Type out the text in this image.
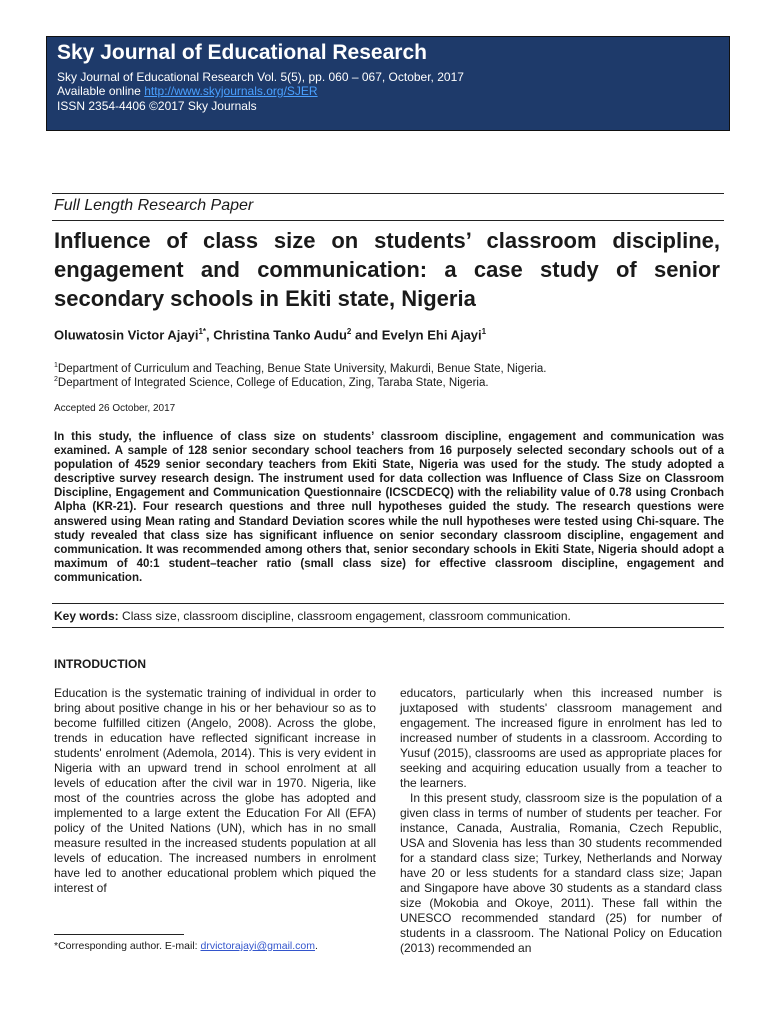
Sky Journal of Educational Research
Sky Journal of Educational Research Vol. 5(5), pp. 060 – 067, October, 2017
Available online http://www.skyjournals.org/SJER
ISSN 2354-4406 ©2017 Sky Journals
Full Length Research Paper
Influence of class size on students’ classroom discipline, engagement and communication: a case study of senior secondary schools in Ekiti state, Nigeria
Oluwatosin Victor Ajayi$^{1*}$, Christina Tanko Audu$^2$ and Evelyn Ehi Ajayi$^1$
$^1$Department of Curriculum and Teaching, Benue State University, Makurdi, Benue State, Nigeria.
$^2$Department of Integrated Science, College of Education, Zing, Taraba State, Nigeria.
Accepted 26 October, 2017
In this study, the influence of class size on students’ classroom discipline, engagement and communication was examined. A sample of 128 senior secondary school teachers from 16 purposely selected secondary schools out of a population of 4529 senior secondary teachers from Ekiti State, Nigeria was used for the study. The study adopted a descriptive survey research design. The instrument used for data collection was Influence of Class Size on Classroom Discipline, Engagement and Communication Questionnaire (ICSCDECQ) with the reliability value of 0.78 using Cronbach Alpha (KR-21). Four research questions and three null hypotheses guided the study. The research questions were answered using Mean rating and Standard Deviation scores while the null hypotheses were tested using Chi-square. The study revealed that class size has significant influence on senior secondary classroom discipline, engagement and communication. It was recommended among others that, senior secondary schools in Ekiti State, Nigeria should adopt a maximum of 40:1 student–teacher ratio (small class size) for effective classroom discipline, engagement and communication.
Key words: Class size, classroom discipline, classroom engagement, classroom communication.
INTRODUCTION

Education is the systematic training of individual in order to bring about positive change in his or her behaviour so as to become fulfilled citizen (Angelo, 2008). Across the globe, trends in education have reflected significant increase in students' enrolment (Ademola, 2014). This is very evident in Nigeria with an upward trend in school enrolment at all levels of education after the civil war in 1970. Nigeria, like most of the countries across the globe has adopted and implemented to a large extent the Education For All (EFA) policy of the United Nations (UN), which has in no small measure resulted in the increased students population at all levels of education. The increased numbers in enrolment have led to another educational problem which piqued the interest of

educators, particularly when this increased number is juxtaposed with students' classroom management and engagement. The increased figure in enrolment has led to increased number of students in a classroom. According to Yusuf (2015), classrooms are used as appropriate places for seeking and acquiring education usually from a teacher to the learners.

In this present study, classroom size is the population of a given class in terms of number of students per teacher. For instance, Canada, Australia, Romania, Czech Republic, USA and Slovenia has less than 30 students recommended for a standard class size; Turkey, Netherlands and Norway have 20 or less students for a standard class size; Japan and Singapore have above 30 students as a standard class size (Mokobia and Okoye, 2011). These fall within the UNESCO recommended standard (25) for number of students in a classroom. The National Policy on Education (2013) recommended an

*Corresponding author. E-mail: drvictorajayi@gmail.com.
